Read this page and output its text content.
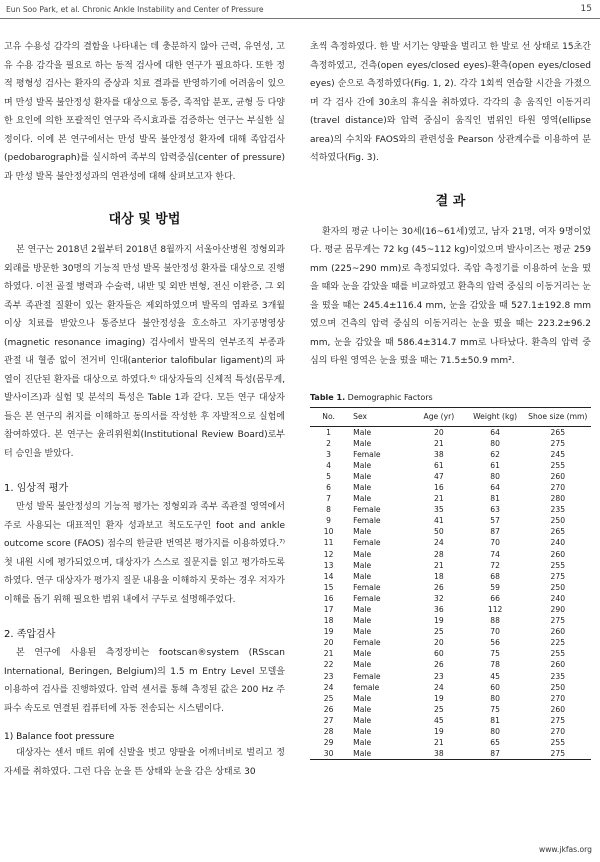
Eun Soo Park, et al. Chronic Ankle Instability and Center of Pressure	15

고유 수용성 감각의 결함을 나타내는 데 충분하지 않아 근력, 유연성, 고유 수용 감각을 필요로 하는 동적 검사에 대한 연구가 필요하다. 또한 정적 평형성 검사는 환자의 증상과 치료 결과를 반영하기에 어려움이 있으며 만성 발목 불안정성 환자를 대상으로 통증, 족적압 분포, 균형 등 다양한 요인에 의한 포괄적인 연구와 즉시효과를 검증하는 연구는 부실한 실정이다. 이에 본 연구에서는 만성 발목 불안정성 환자에 대해 족압검사(pedobarograph)를 실시하여 족부의 압력중심(center of pressure)과 만성 발목 불안정성과의 연관성에 대해 살펴보고자 한다.

대상 및 방법

본 연구는 2018년 2월부터 2018년 8월까지 서울아산병원 정형외과 외래를 방문한 30명의 기능적 만성 발목 불안정성 환자를 대상으로 진행하였다. 이전 골절 병력과 수술력, 내반 및 외반 변형, 전신 이완증, 그 외 족부 족관절 질환이 있는 환자들은 제외하였으며 발목의 염좌로 3개월 이상 치료를 받았으나 통증보다 불안정성을 호소하고 자기공명영상(magnetic resonance imaging) 검사에서 발목의 연부조직 부종과 관절 내 혈종 없이 전거비 인대(anterior talofibular ligament)의 파열이 진단된 환자를 대상으로 하였다.⁶⁾ 대상자들의 신체적 특성(몸무게, 발사이즈)과 실험 및 분석의 특성은 Table 1과 같다. 모든 연구 대상자들은 본 연구의 취지를 이해하고 동의서를 작성한 후 자발적으로 실험에 참여하였다. 본 연구는 윤리위원회(Institutional Review Board)로부터 승인을 받았다.

1. 임상적 평가

만성 발목 불안정성의 기능적 평가는 정형외과 족부 족관절 영역에서 주로 사용되는 대표적인 환자 성과보고 척도도구인 foot and ankle outcome score (FAOS) 점수의 한글판 번역본 평가지를 이용하였다.⁷⁾ 첫 내원 시에 평가되었으며, 대상자가 스스로 질문지를 읽고 평가하도록 하였다. 연구 대상자가 평가지 질문 내용을 이해하지 못하는 경우 저자가 이해를 돕기 위해 필요한 범위 내에서 구두로 설명해주었다.

2. 족압검사

본 연구에 사용된 측정장비는 footscan®system (RSscan International, Beringen, Belgium)의 1.5 m Entry Level 모델을 이용하여 검사를 진행하였다. 압력 센서를 통해 측정된 값은 200 Hz 주파수 속도로 연결된 컴퓨터에 자동 전송되는 시스템이다.

1) Balance foot pressure

대상자는 센서 매트 위에 신발을 벗고 양팔을 어깨너비로 벌리고 정자세를 취하였다. 그런 다음 눈을 뜬 상태와 눈을 감은 상태로 30

초씩 측정하였다. 한 발 서기는 양팔을 벌리고 한 발로 선 상태로 15초간 측정하였고, 건측(open eyes/closed eyes)-환측(open eyes/closed eyes) 순으로 측정하였다(Fig. 1, 2). 각각 1회씩 연습할 시간을 가졌으며 각 검사 간에 30초의 휴식을 취하였다. 각각의 총 움직인 이동거리(travel distance)와 압력 중심이 움직인 범위인 타원 영역(ellipse area)의 수치와 FAOS와의 관련성을 Pearson 상관계수를 이용하여 분석하였다(Fig. 3).

결 과

환자의 평균 나이는 30세(16~61세)였고, 남자 21명, 여자 9명이었다. 평균 몸무게는 72 kg (45~112 kg)이었으며 발사이즈는 평균 259 mm (225~290 mm)로 측정되었다. 족압 측정기를 이용하여 눈을 떴을 때와 눈을 감았을 때를 비교하였고 환측의 압력 중심의 이동거리는 눈을 떴을 때는 245.4±116.4 mm, 눈을 감았을 때 527.1±192.8 mm였으며 건측의 압력 중심의 이동거리는 눈을 떴을 때는 223.2±96.2 mm, 눈을 감았을 때 586.4±314.7 mm로 나타났다. 환측의 압력 중심의 타원 영역은 눈을 떴을 때는 71.5±50.9 mm².

Table 1. Demographic Factors
No.	Sex	Age (yr)	Weight (kg)	Shoe size (mm)
1	Male	20	64	265
2	Male	21	80	275
3	Female	38	62	245
4	Male	61	61	255
5	Male	47	80	260
6	Male	16	64	270
7	Male	21	81	280
8	Female	35	63	235
9	Female	41	57	250
10	Male	50	87	265
11	Female	24	70	240
12	Male	28	74	260
13	Male	21	72	255
14	Male	18	68	275
15	Female	26	59	250
16	Female	32	66	240
17	Male	36	112	290
18	Male	19	88	275
19	Male	25	70	260
20	Female	20	56	225
21	Male	60	75	255
22	Male	26	78	260
23	Female	23	45	235
24	female	24	60	250
25	Male	19	80	270
26	Male	25	75	260
27	Male	45	81	275
28	Male	19	80	270
29	Male	21	65	255
30	Male	38	87	275
www.jkfas.org
